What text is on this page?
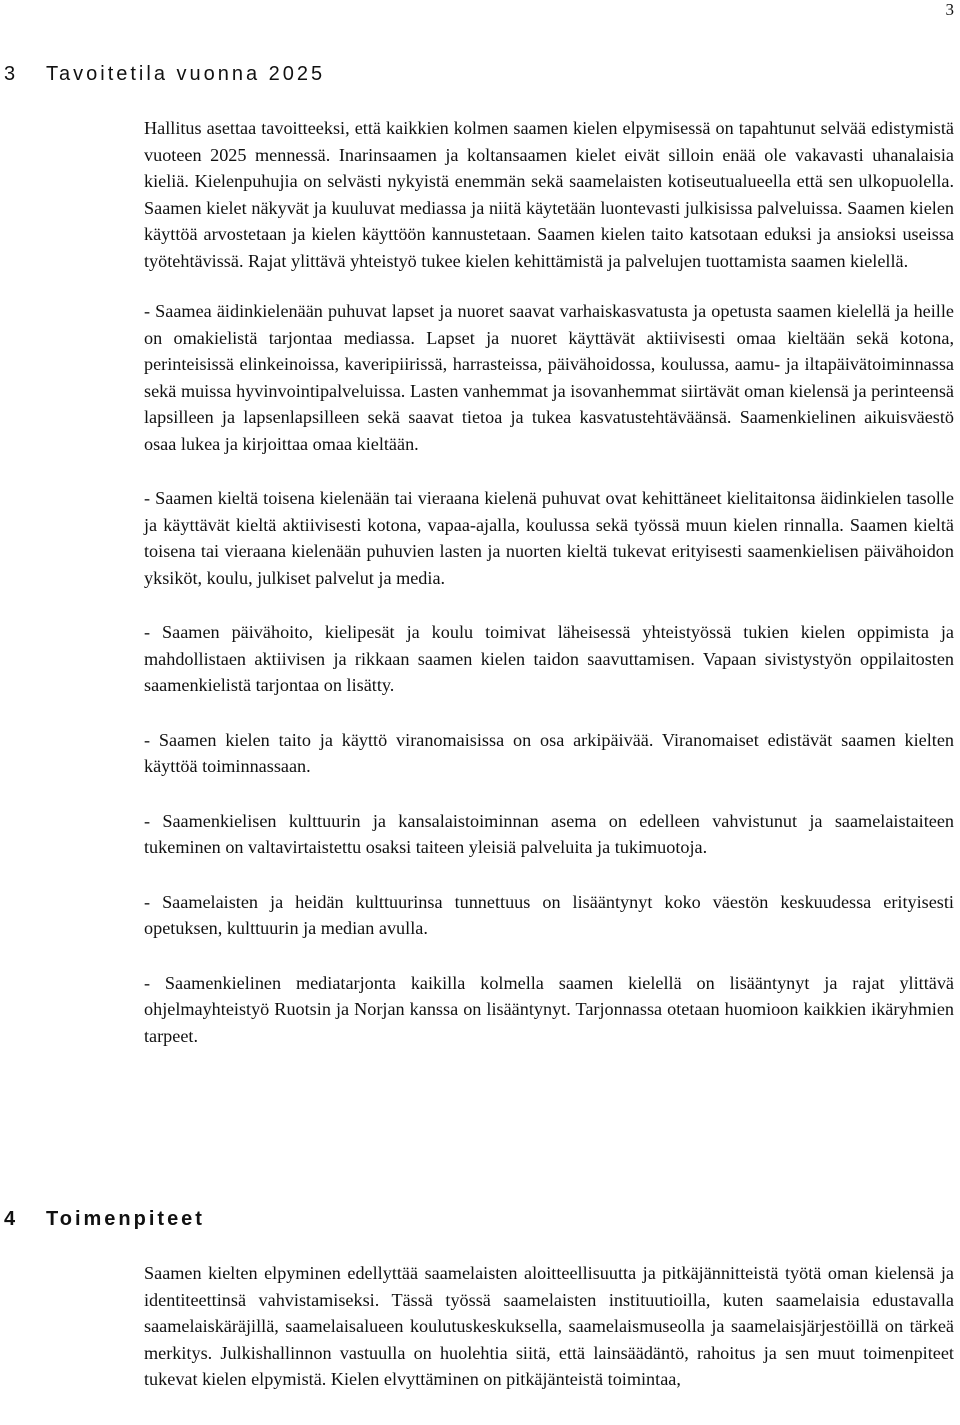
3
3 Tavoitetila vuonna 2025

Hallitus asettaa tavoitteeksi, että kaikkien kolmen saamen kielen elpymisessä on tapahtunut selvää edistymistä vuoteen 2025 mennessä. Inarinsaamen ja koltansaamen kielet eivät silloin enää ole vakavasti uhanalaisia kieliä. Kielenpuhujia on selvästi nykyistä enemmän sekä saamelaisten kotiseutualueella että sen ulkopuolella. Saamen kielet näkyvät ja kuuluvat mediassa ja niitä käytetään luontevasti julkisissa palveluissa. Saamen kielen käyttöä arvostetaan ja kielen käyttöön kannustetaan. Saamen kielen taito katsotaan eduksi ja ansioksi useissa työtehtävissä. Rajat ylittävä yhteistyö tukee kielen kehittämistä ja palvelujen tuottamista saamen kielellä.

- Saamea äidinkielenään puhuvat lapset ja nuoret saavat varhaiskasvatusta ja opetusta saamen kielellä ja heille on omakielistä tarjontaa mediassa. Lapset ja nuoret käyttävät aktiivisesti omaa kieltään sekä kotona, perinteisissä elinkeinoissa, kaveripiirissä, harrasteissa, päivähoidossa, koulussa, aamu- ja iltapäivätoiminnassa sekä muissa hyvinvointipalveluissa. Lasten vanhemmat ja isovanhemmat siirtävät oman kielensä ja perinteensä lapsilleen ja lapsenlapsilleen sekä saavat tietoa ja tukea kasvatustehtäväänsä. Saamenkielinen aikuisväestö osaa lukea ja kirjoittaa omaa kieltään.

- Saamen kieltä toisena kielenään tai vieraana kielenä puhuvat ovat kehittäneet kielitaitonsa äidinkielen tasolle ja käyttävät kieltä aktiivisesti kotona, vapaa-ajalla, koulussa sekä työssä muun kielen rinnalla. Saamen kieltä toisena tai vieraana kielenään puhuvien lasten ja nuorten kieltä tukevat erityisesti saamenkielisen päivähoidon yksiköt, koulu, julkiset palvelut ja media.

- Saamen päivähoito, kielipesät ja koulu toimivat läheisessä yhteistyössä tukien kielen oppimista ja mahdollistaen aktiivisen ja rikkaan saamen kielen taidon saavuttamisen. Vapaan sivistystyön oppilaitosten saamenkielistä tarjontaa on lisätty.

- Saamen kielen taito ja käyttö viranomaisissa on osa arkipäivää. Viranomaiset edistävät saamen kielten käyttöä toiminnassaan.

- Saamenkielisen kulttuurin ja kansalaistoiminnan asema on edelleen vahvistunut ja saamelaistaiteen tukeminen on valtavirtaistettu osaksi taiteen yleisiä palveluita ja tukimuotoja.

- Saamelaisten ja heidän kulttuurinsa tunnettuus on lisääntynyt koko väestön keskuudessa erityisesti opetuksen, kulttuurin ja median avulla.

- Saamenkielinen mediatarjonta kaikilla kolmella saamen kielellä on lisääntynyt ja rajat ylittävä ohjelmayhteistyö Ruotsin ja Norjan kanssa on lisääntynyt. Tarjonnassa otetaan huomioon kaikkien ikäryhmien tarpeet.

4 Toimenpiteet

Saamen kielten elpyminen edellyttää saamelaisten aloitteellisuutta ja pitkäjännitteistä työtä oman kielensä ja identiteettinsä vahvistamiseksi. Tässä työssä saamelaisten instituutioilla, kuten saamelaisia edustavalla saamelaiskäräjillä, saamelaisalueen koulutuskeskuksella, saamelaismuseolla ja saamelaisjärjestöillä on tärkeä merkitys. Julkishallinnon vastuulla on huolehtia siitä, että lainsäädäntö, rahoitus ja sen muut toimenpiteet tukevat kielen elpymistä. Kielen elvyttäminen on pitkäjänteistä toimintaa,
